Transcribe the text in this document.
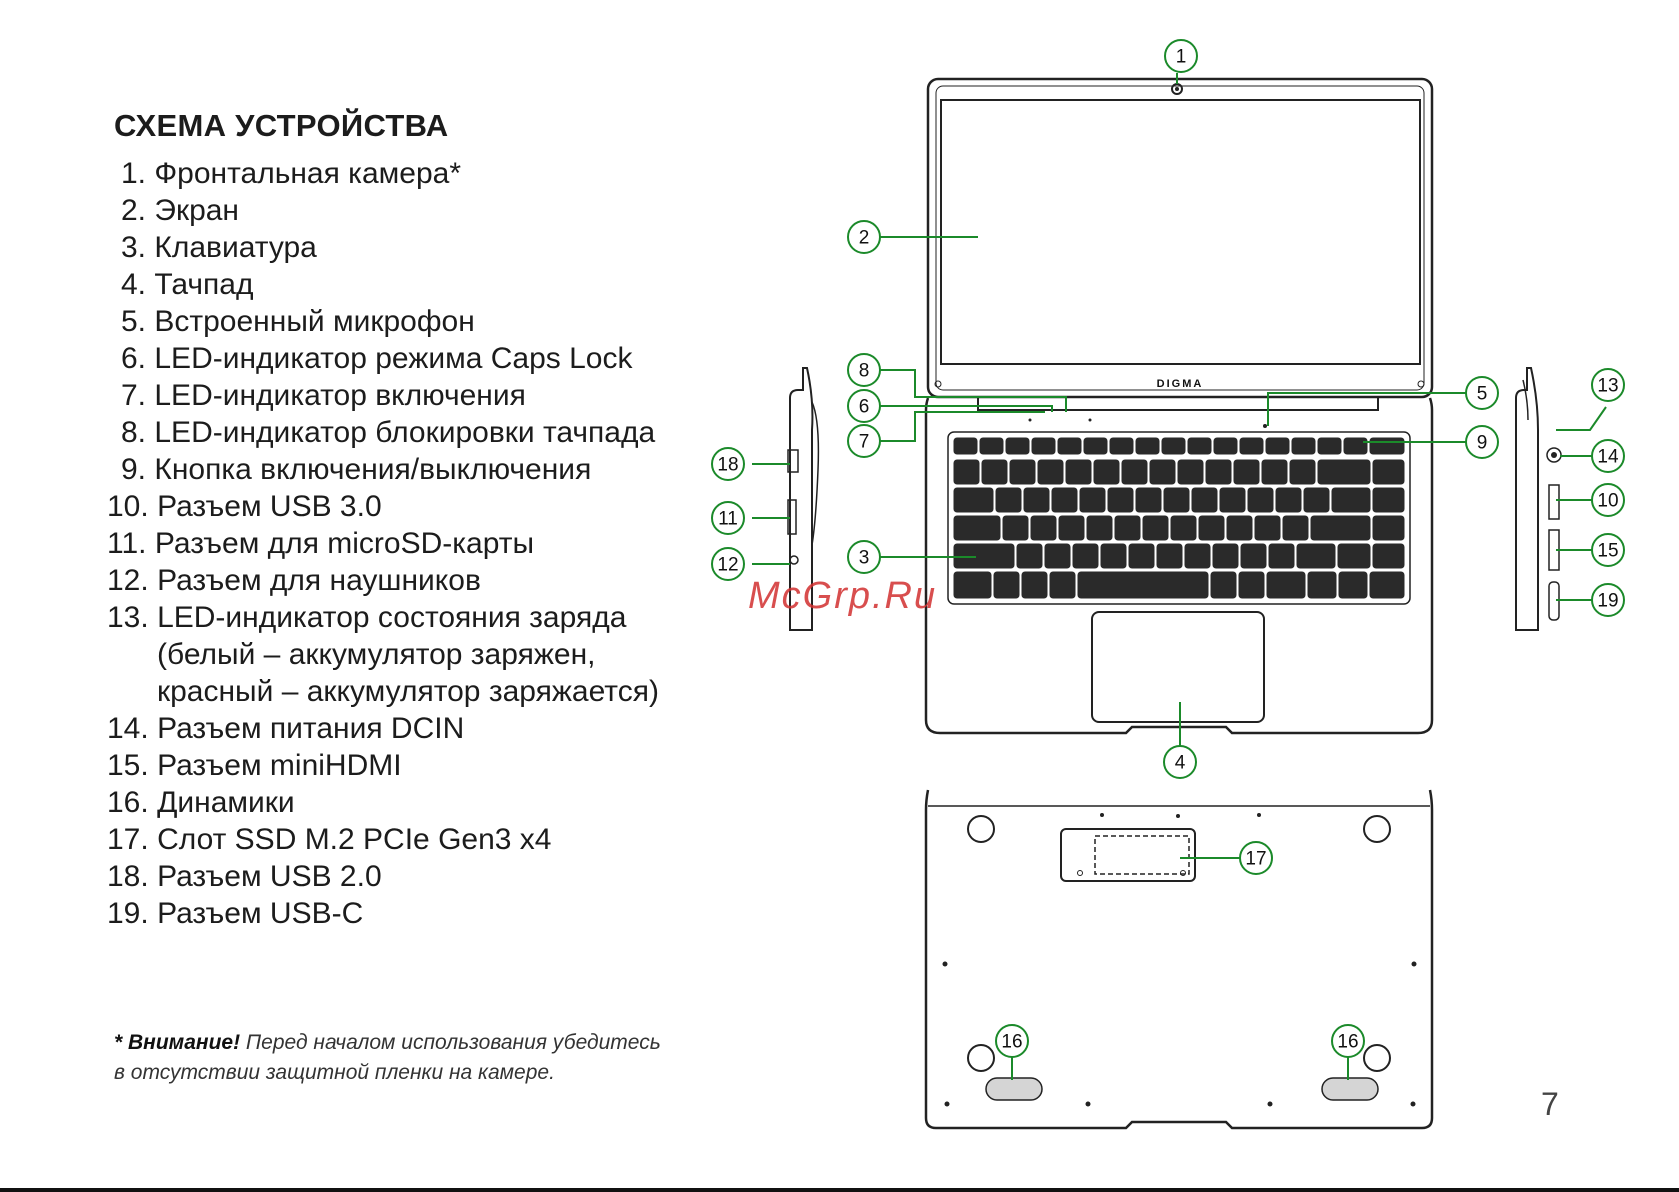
СХЕМА УСТРОЙСТВА
1. Фронтальная камера*
2. Экран
3. Клавиатура
4. Тачпад
5. Встроенный микрофон
6. LED-индикатор режима Caps Lock
7. LED-индикатор включения
8. LED-индикатор блокировки тачпада
9. Кнопка включения/выключения
10. Разъем USB 3.0
11. Разъем для microSD-карты
12. Разъем для наушников
13. LED-индикатор состояния заряда
(белый – аккумулятор заряжен,
красный – аккумулятор заряжается)
14. Разъем питания DCIN
15. Разъем miniHDMI
16. Динамики
17. Слот SSD M.2 PCIe Gen3 x4
18. Разъем USB 2.0
19. Разъем USB-C
* Внимание! Перед началом использования убедитесь
в отсутствии защитной пленки на камере.
DIGMA
1
2
3
4
5
6
7
8
9
10
11
12
13
14
15
16	16
17
18
19
McGrp.Ru
7
